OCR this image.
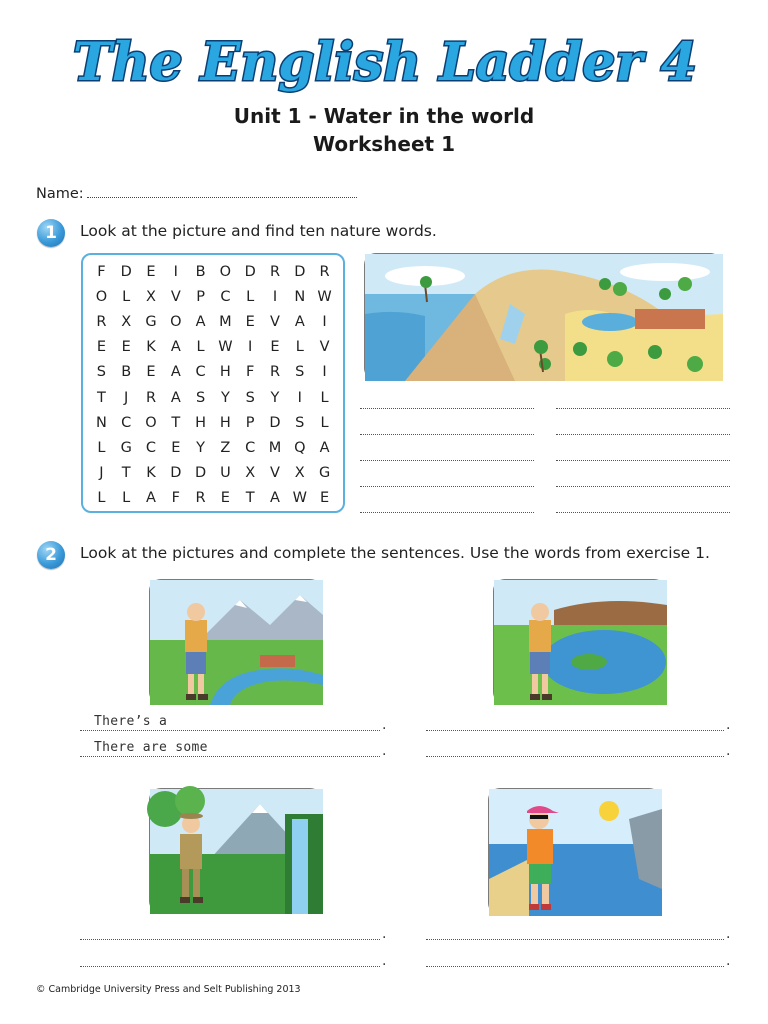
The English Ladder 4
Unit 1 - Water in the world
Worksheet 1
Name:
1	Look at the picture and find ten nature words.
F	D	E	I	B O D R D R
O	L	X	V	P	C	L	I	N W
R	X G O A M E	V	A	I
E	E	K	A	L W	I	E	L	V
S	B	E	A	C H	F	R	S	I
T	J	R	A	S	Y	S	Y	I	L
N C O	T	H H	P	D	S	L
L	G C	E	Y	Z	C M Q A
J	T	K D D U	X	V	X G
L	L	A	F	R	E	T	A W E
2	Look at the pictures and complete the sentences. Use the words from exercise 1.
There’s a	.	.
There are some	.	.
.	.
.	.
© Cambridge University Press and Selt Publishing 2013
